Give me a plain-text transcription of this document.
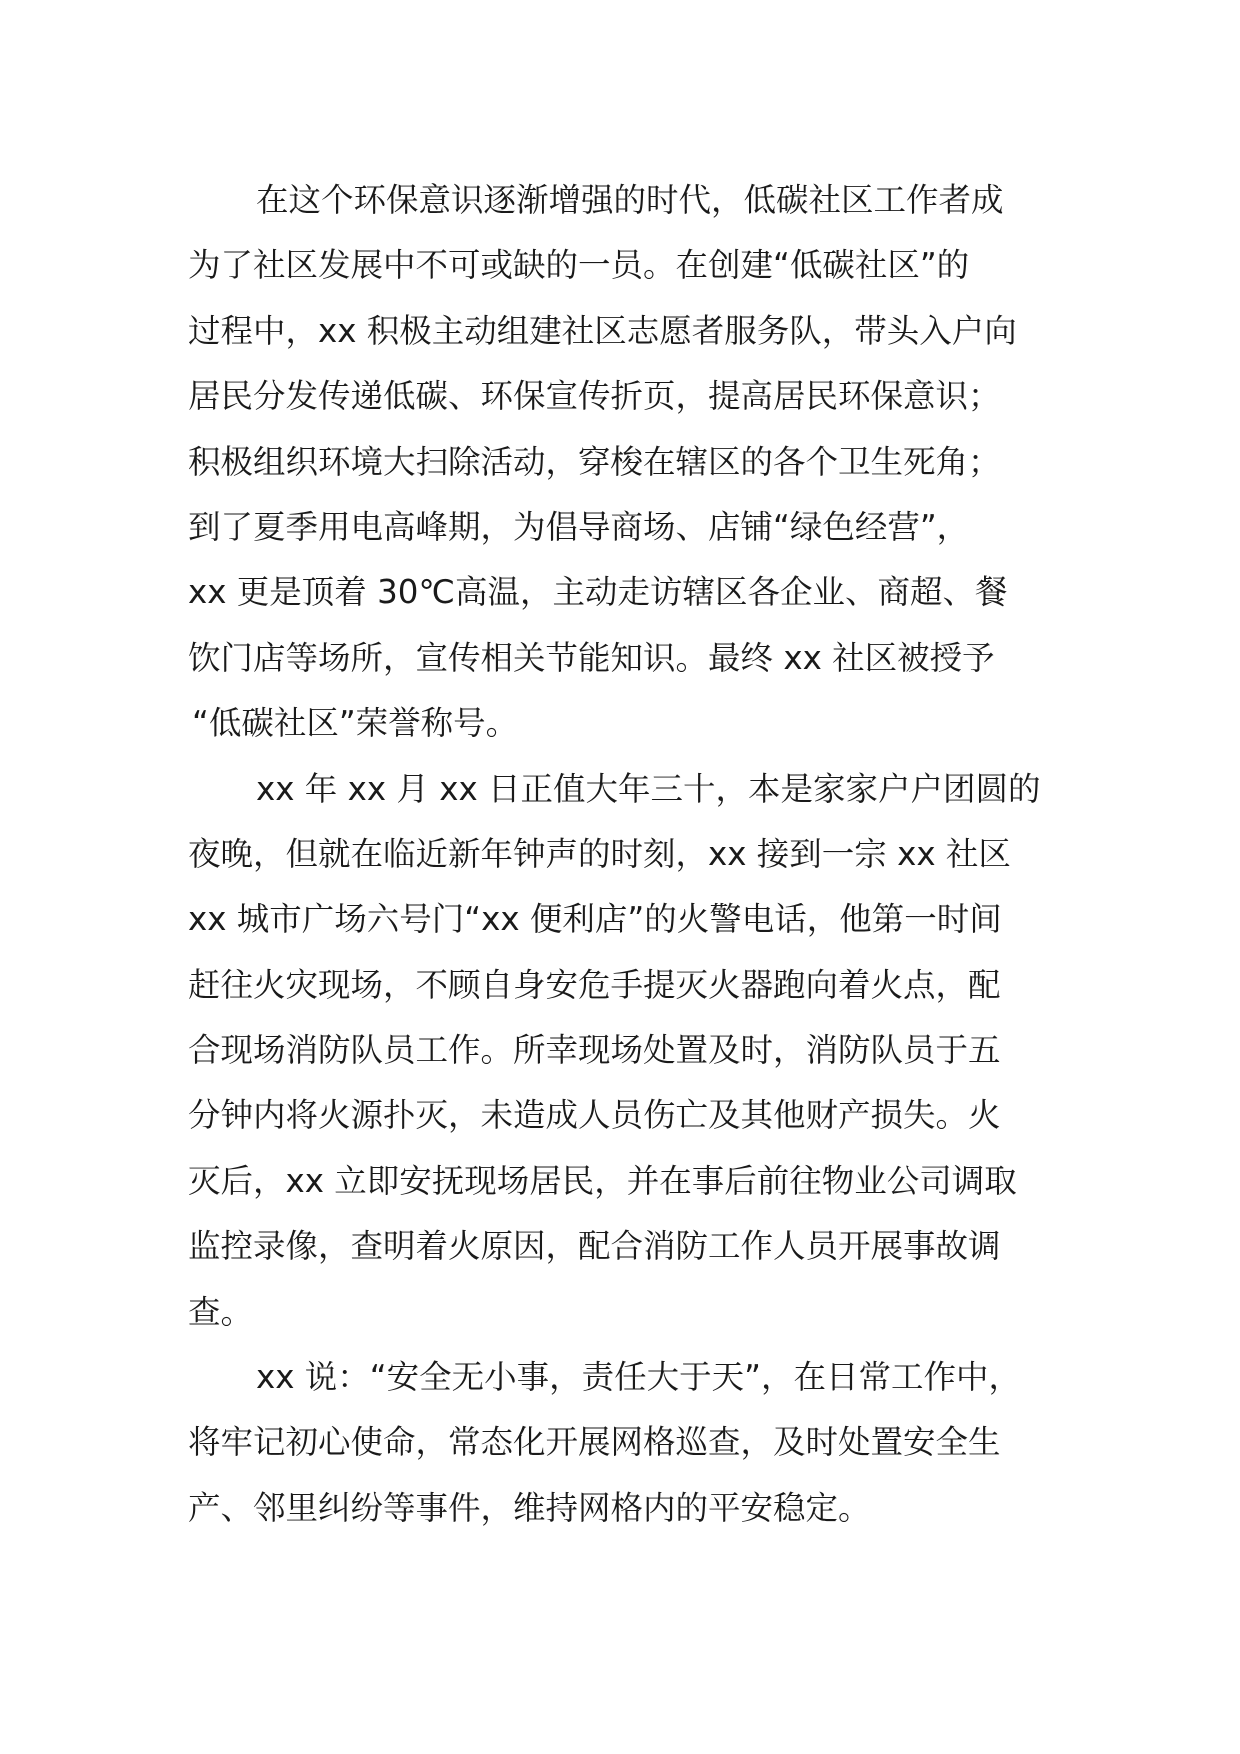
在这个环保意识逐渐增强的时代，低碳社区工作者成
为了社区发展中不可或缺的一员。在创建“低碳社区”的
过程中，xx 积极主动组建社区志愿者服务队，带头入户向
居民分发传递低碳、环保宣传折页，提高居民环保意识；
积极组织环境大扫除活动，穿梭在辖区的各个卫生死角；
到了夏季用电高峰期，为倡导商场、店铺“绿色经营”，
xx 更是顶着 30℃高温，主动走访辖区各企业、商超、餐
饮门店等场所，宣传相关节能知识。最终 xx 社区被授予
“低碳社区”荣誉称号。
xx 年 xx 月 xx 日正值大年三十，本是家家户户团圆的
夜晚，但就在临近新年钟声的时刻，xx 接到一宗 xx 社区
xx 城市广场六号门“xx 便利店”的火警电话，他第一时间
赶往火灾现场，不顾自身安危手提灭火器跑向着火点，配
合现场消防队员工作。所幸现场处置及时，消防队员于五
分钟内将火源扑灭，未造成人员伤亡及其他财产损失。火
灭后，xx 立即安抚现场居民，并在事后前往物业公司调取
监控录像，查明着火原因，配合消防工作人员开展事故调
查。
xx 说：“安全无小事，责任大于天”，在日常工作中，
将牢记初心使命，常态化开展网格巡查，及时处置安全生
产、邻里纠纷等事件，维持网格内的平安稳定。
